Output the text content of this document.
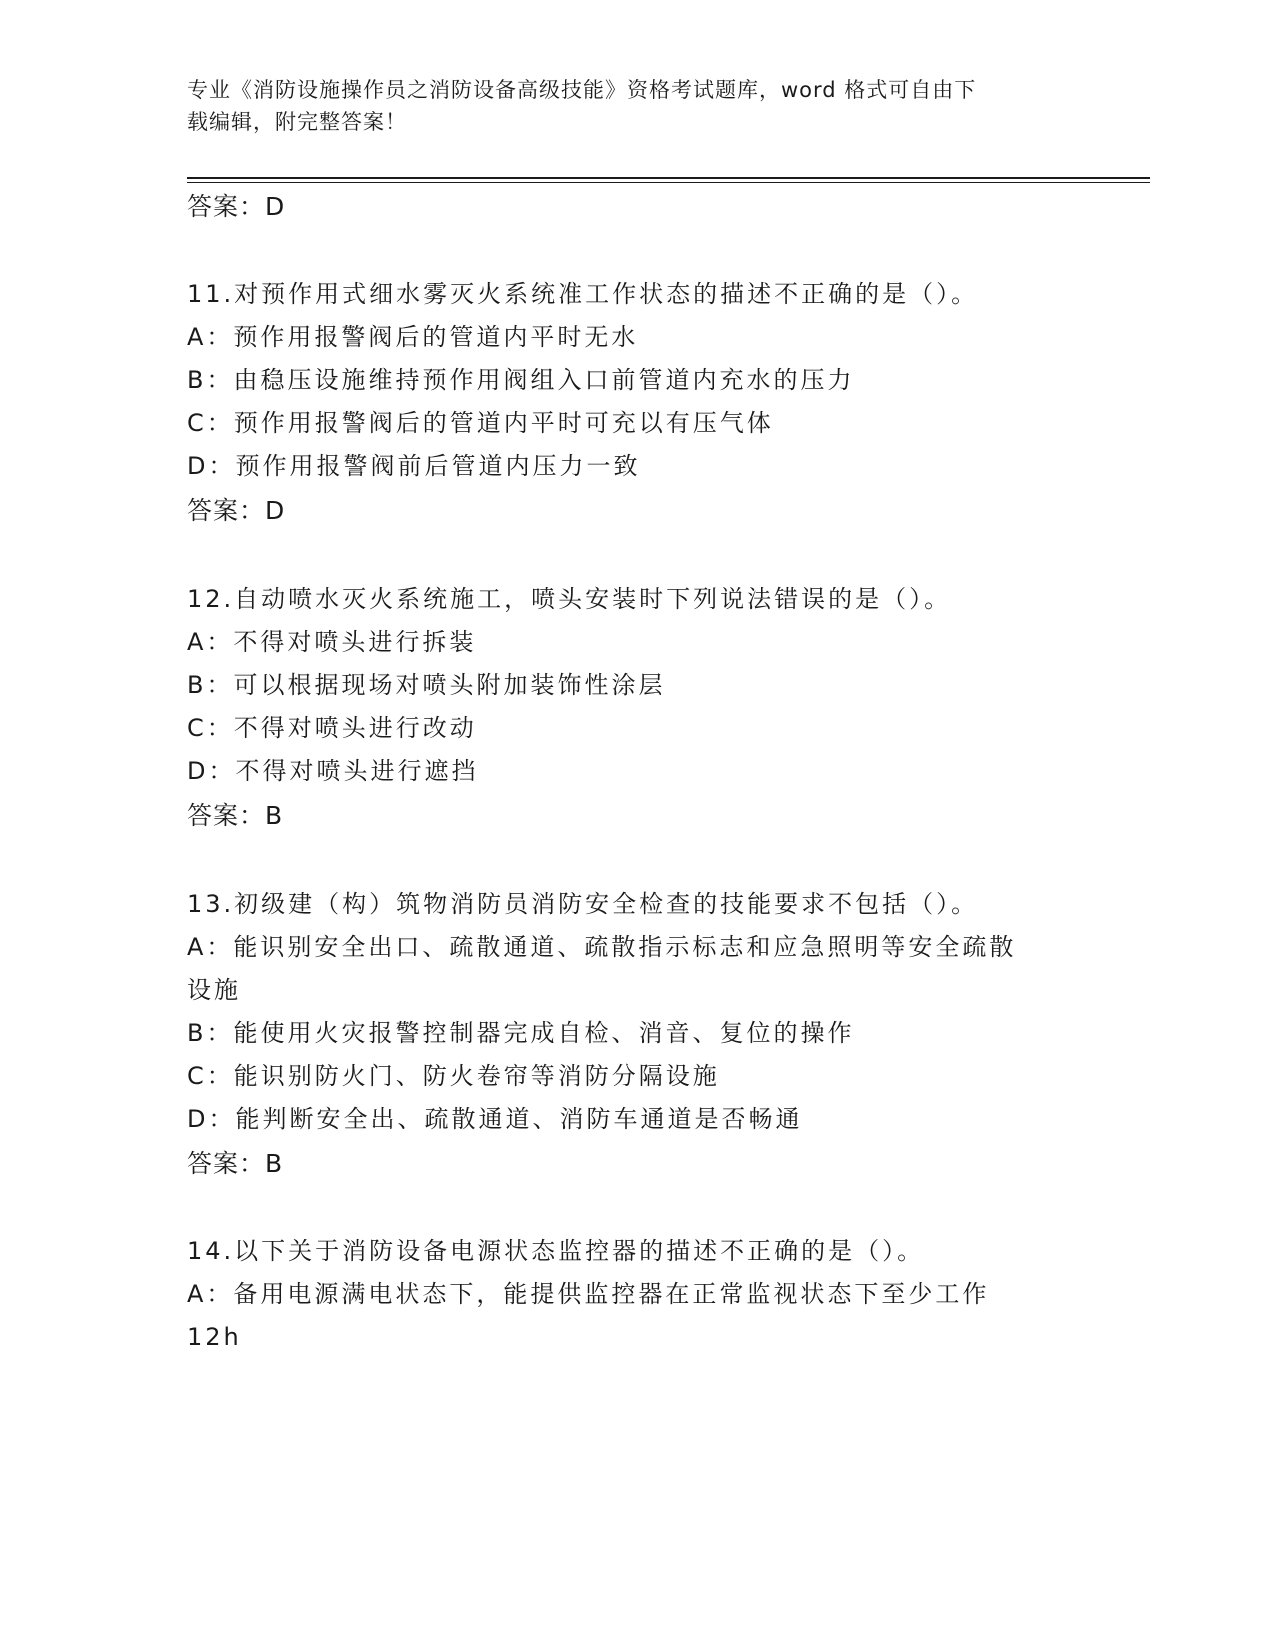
专业《消防设施操作员之消防设备高级技能》资格考试题库，word 格式可自由下
载编辑，附完整答案！
答案：D
11.对预作用式细水雾灭火系统准工作状态的描述不正确的是（）。
A：预作用报警阀后的管道内平时无水
B：由稳压设施维持预作用阀组入口前管道内充水的压力
C：预作用报警阀后的管道内平时可充以有压气体
D：预作用报警阀前后管道内压力一致
答案：D
12.自动喷水灭火系统施工，喷头安装时下列说法错误的是（）。
A：不得对喷头进行拆装
B：可以根据现场对喷头附加装饰性涂层
C：不得对喷头进行改动
D：不得对喷头进行遮挡
答案：B
13.初级建（构）筑物消防员消防安全检查的技能要求不包括（）。
A：能识别安全出口、疏散通道、疏散指示标志和应急照明等安全疏散
设施
B：能使用火灾报警控制器完成自检、消音、复位的操作
C：能识别防火门、防火卷帘等消防分隔设施
D：能判断安全出、疏散通道、消防车通道是否畅通
答案：B
14.以下关于消防设备电源状态监控器的描述不正确的是（）。
A：备用电源满电状态下，能提供监控器在正常监视状态下至少工作
12h
